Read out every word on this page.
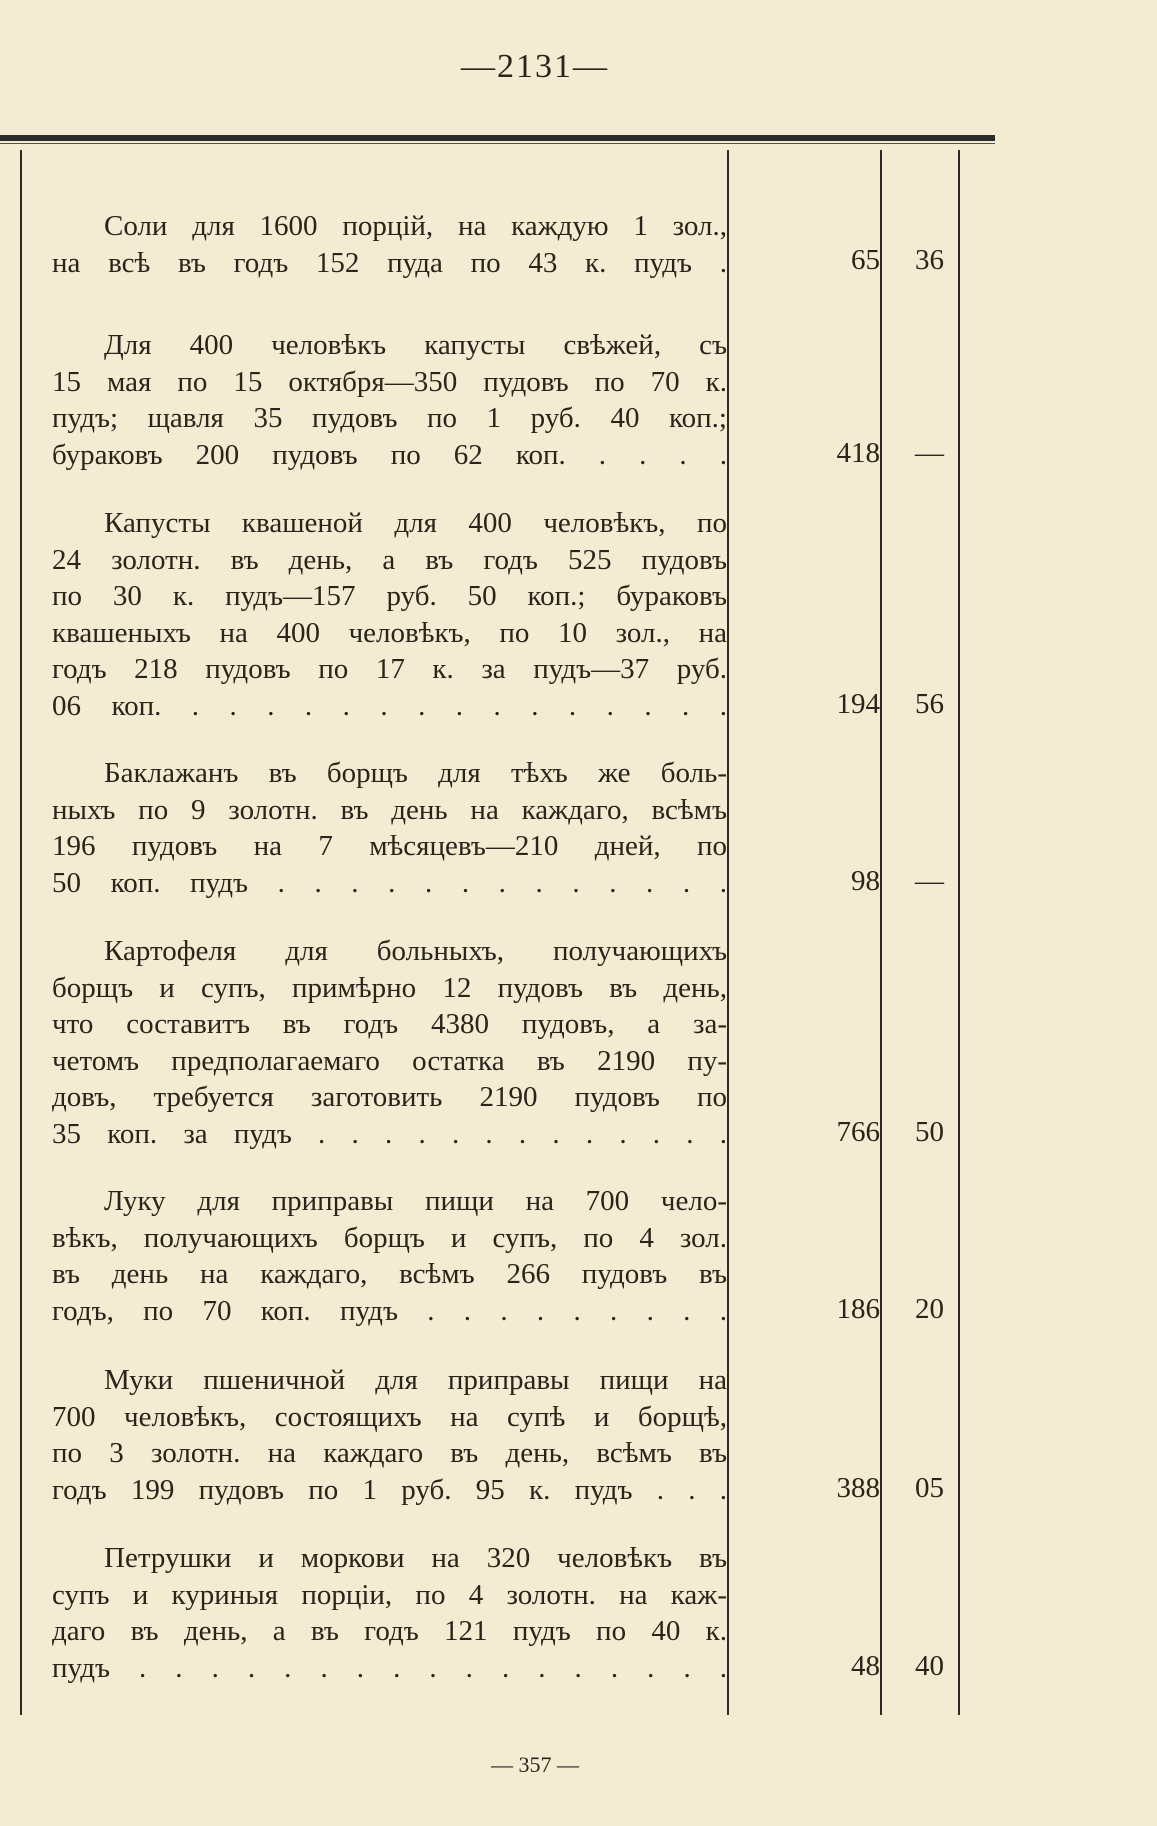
—2131—
Соли для 1600 порцій, на каждую 1 зол.,
на всѣ въ годъ 152 пуда по 43 к. пудъ .	65	36
Для 400 человѣкъ капусты свѣжей, съ
15 мая по 15 октября—350 пудовъ по 70 к.
пудъ; щавля 35 пудовъ по 1 руб. 40 коп.;
бураковъ 200 пудовъ по 62 коп. . . . .	418	—
Капусты квашеной для 400 человѣкъ, по
24 золотн. въ день, а въ годъ 525 пудовъ
по 30 к. пудъ—157 руб. 50 коп.; бураковъ
квашеныхъ на 400 человѣкъ, по 10 зол., на
годъ 218 пудовъ по 17 к. за пудъ—37 руб.
06 коп. . . . . . . . . . . . . . . .	194	56
Баклажанъ въ борщъ для тѣхъ же боль-
ныхъ по 9 золотн. въ день на каждаго, всѣмъ
196 пудовъ на 7 мѣсяцевъ—210 дней, по
50 коп. пудъ . . . . . . . . . . . . .	98	—
Картофеля для больныхъ, получающихъ
борщъ и супъ, примѣрно 12 пудовъ въ день,
что составитъ въ годъ 4380 пудовъ, а за-
четомъ предполагаемаго остатка въ 2190 пу-
довъ, требуется заготовить 2190 пудовъ по
35 коп. за пудъ . . . . . . . . . . . . .	766	50
Луку для приправы пищи на 700 чело-
вѣкъ, получающихъ борщъ и супъ, по 4 зол.
въ день на каждаго, всѣмъ 266 пудовъ въ
годъ, по 70 коп. пудъ . . . . . . . . .	186	20
Муки пшеничной для приправы пищи на
700 человѣкъ, состоящихъ на супѣ и борщѣ,
по 3 золотн. на каждаго въ день, всѣмъ въ
годъ 199 пудовъ по 1 руб. 95 к. пудъ . . .	388	05
Петрушки и моркови на 320 человѣкъ въ
супъ и куриныя порціи, по 4 золотн. на каж-
даго въ день, а въ годъ 121 пудъ по 40 к.
пудъ . . . . . . . . . . . . . . . . .	48	40
— 357 —
